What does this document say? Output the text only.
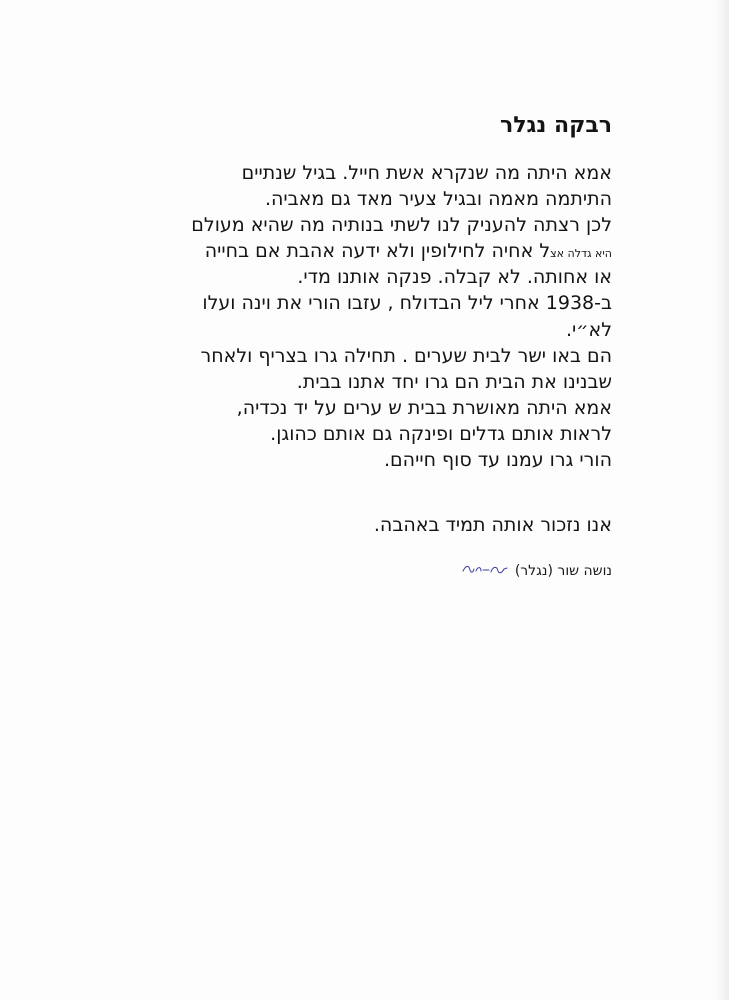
רבקה נגלר
אמא היתה מה שנקרא אשת חייל. בגיל שנתיים
התיתמה מאמה ובגיל צעיר מאד גם מאביה.
לכן רצתה להעניק לנו לשתי בנותיה מה שהיא מעולם
היא גדלה אצל אחיה לחילופין ולא ידעה אהבת אם בחייה
או אחותה. לא קבלה. פנקה אותנו מדי.
ב-1938 אחרי ליל הבדולח , עזבו הורי את וינה ועלו
לא״י.
הם באו ישר לבית שערים . תחילה גרו בצריף ולאחר
שבנינו את הבית הם גרו יחד אתנו בבית.
אמא היתה מאושרת בבית ש ערים על יד נכדיה,
לראות אותם גדלים ופינקה גם אותם כהוגן.
הורי גרו עמנו עד סוף חייהם.
אנו נזכור אותה תמיד באהבה.
נושה שור (נגלר)
